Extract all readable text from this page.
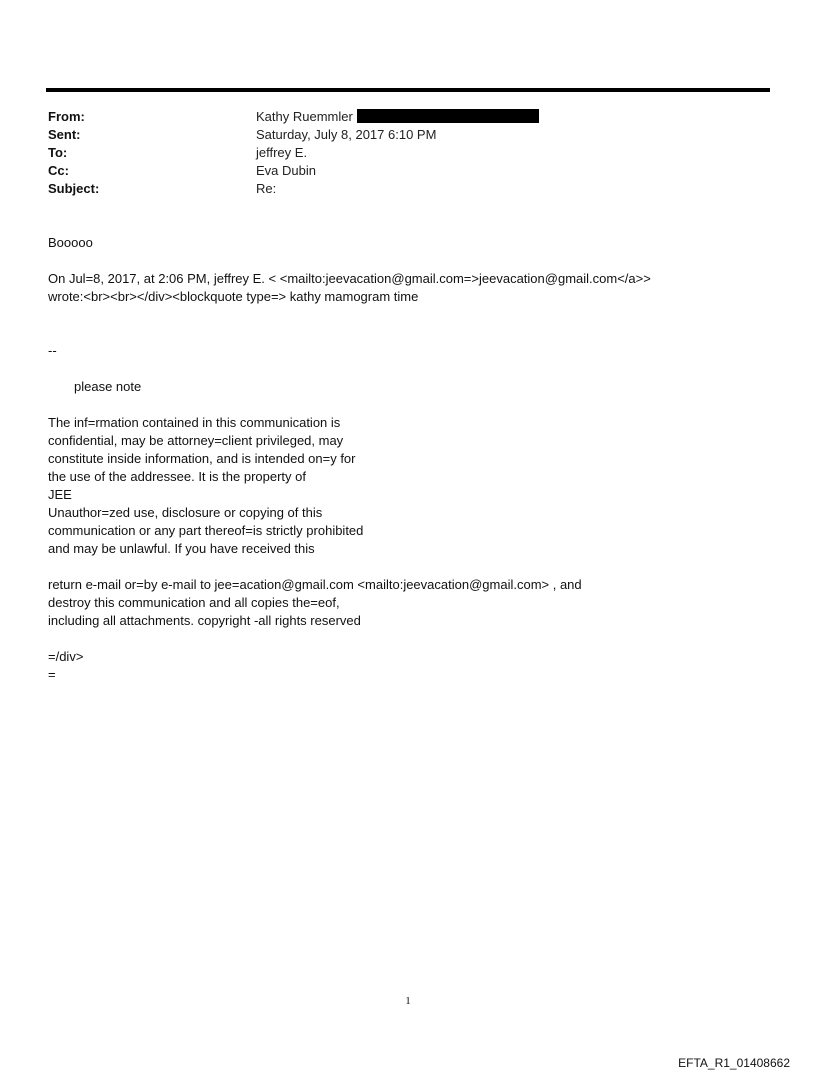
From:	Kathy Ruemmler
Sent:	Saturday, July 8, 2017 6:10 PM
To:	jeffrey E.
Cc:	Eva Dubin
Subject:	Re:

Booooo

On Jul=8, 2017, at 2:06 PM, jeffrey E. < <mailto:jeevacation@gmail.com=>jeevacation@gmail.com</a>>

wrote:<br><br></div><blockquote type=> kathy mamogram time

--

please note

The inf=rmation contained in this communication is

confidential, may be attorney=client privileged, may

constitute inside information, and is intended on=y for

the use of the addressee. It is the property of

JEE

Unauthor=zed use, disclosure or copying of this

communication or any part thereof=is strictly prohibited

and may be unlawful. If you have received this

return e-mail or=by e-mail to jee=acation@gmail.com <mailto:jeevacation@gmail.com> , and

destroy this communication and all copies the=eof,

including all attachments. copyright -all rights reserved

=/div>

=

1
EFTA_R1_01408662
